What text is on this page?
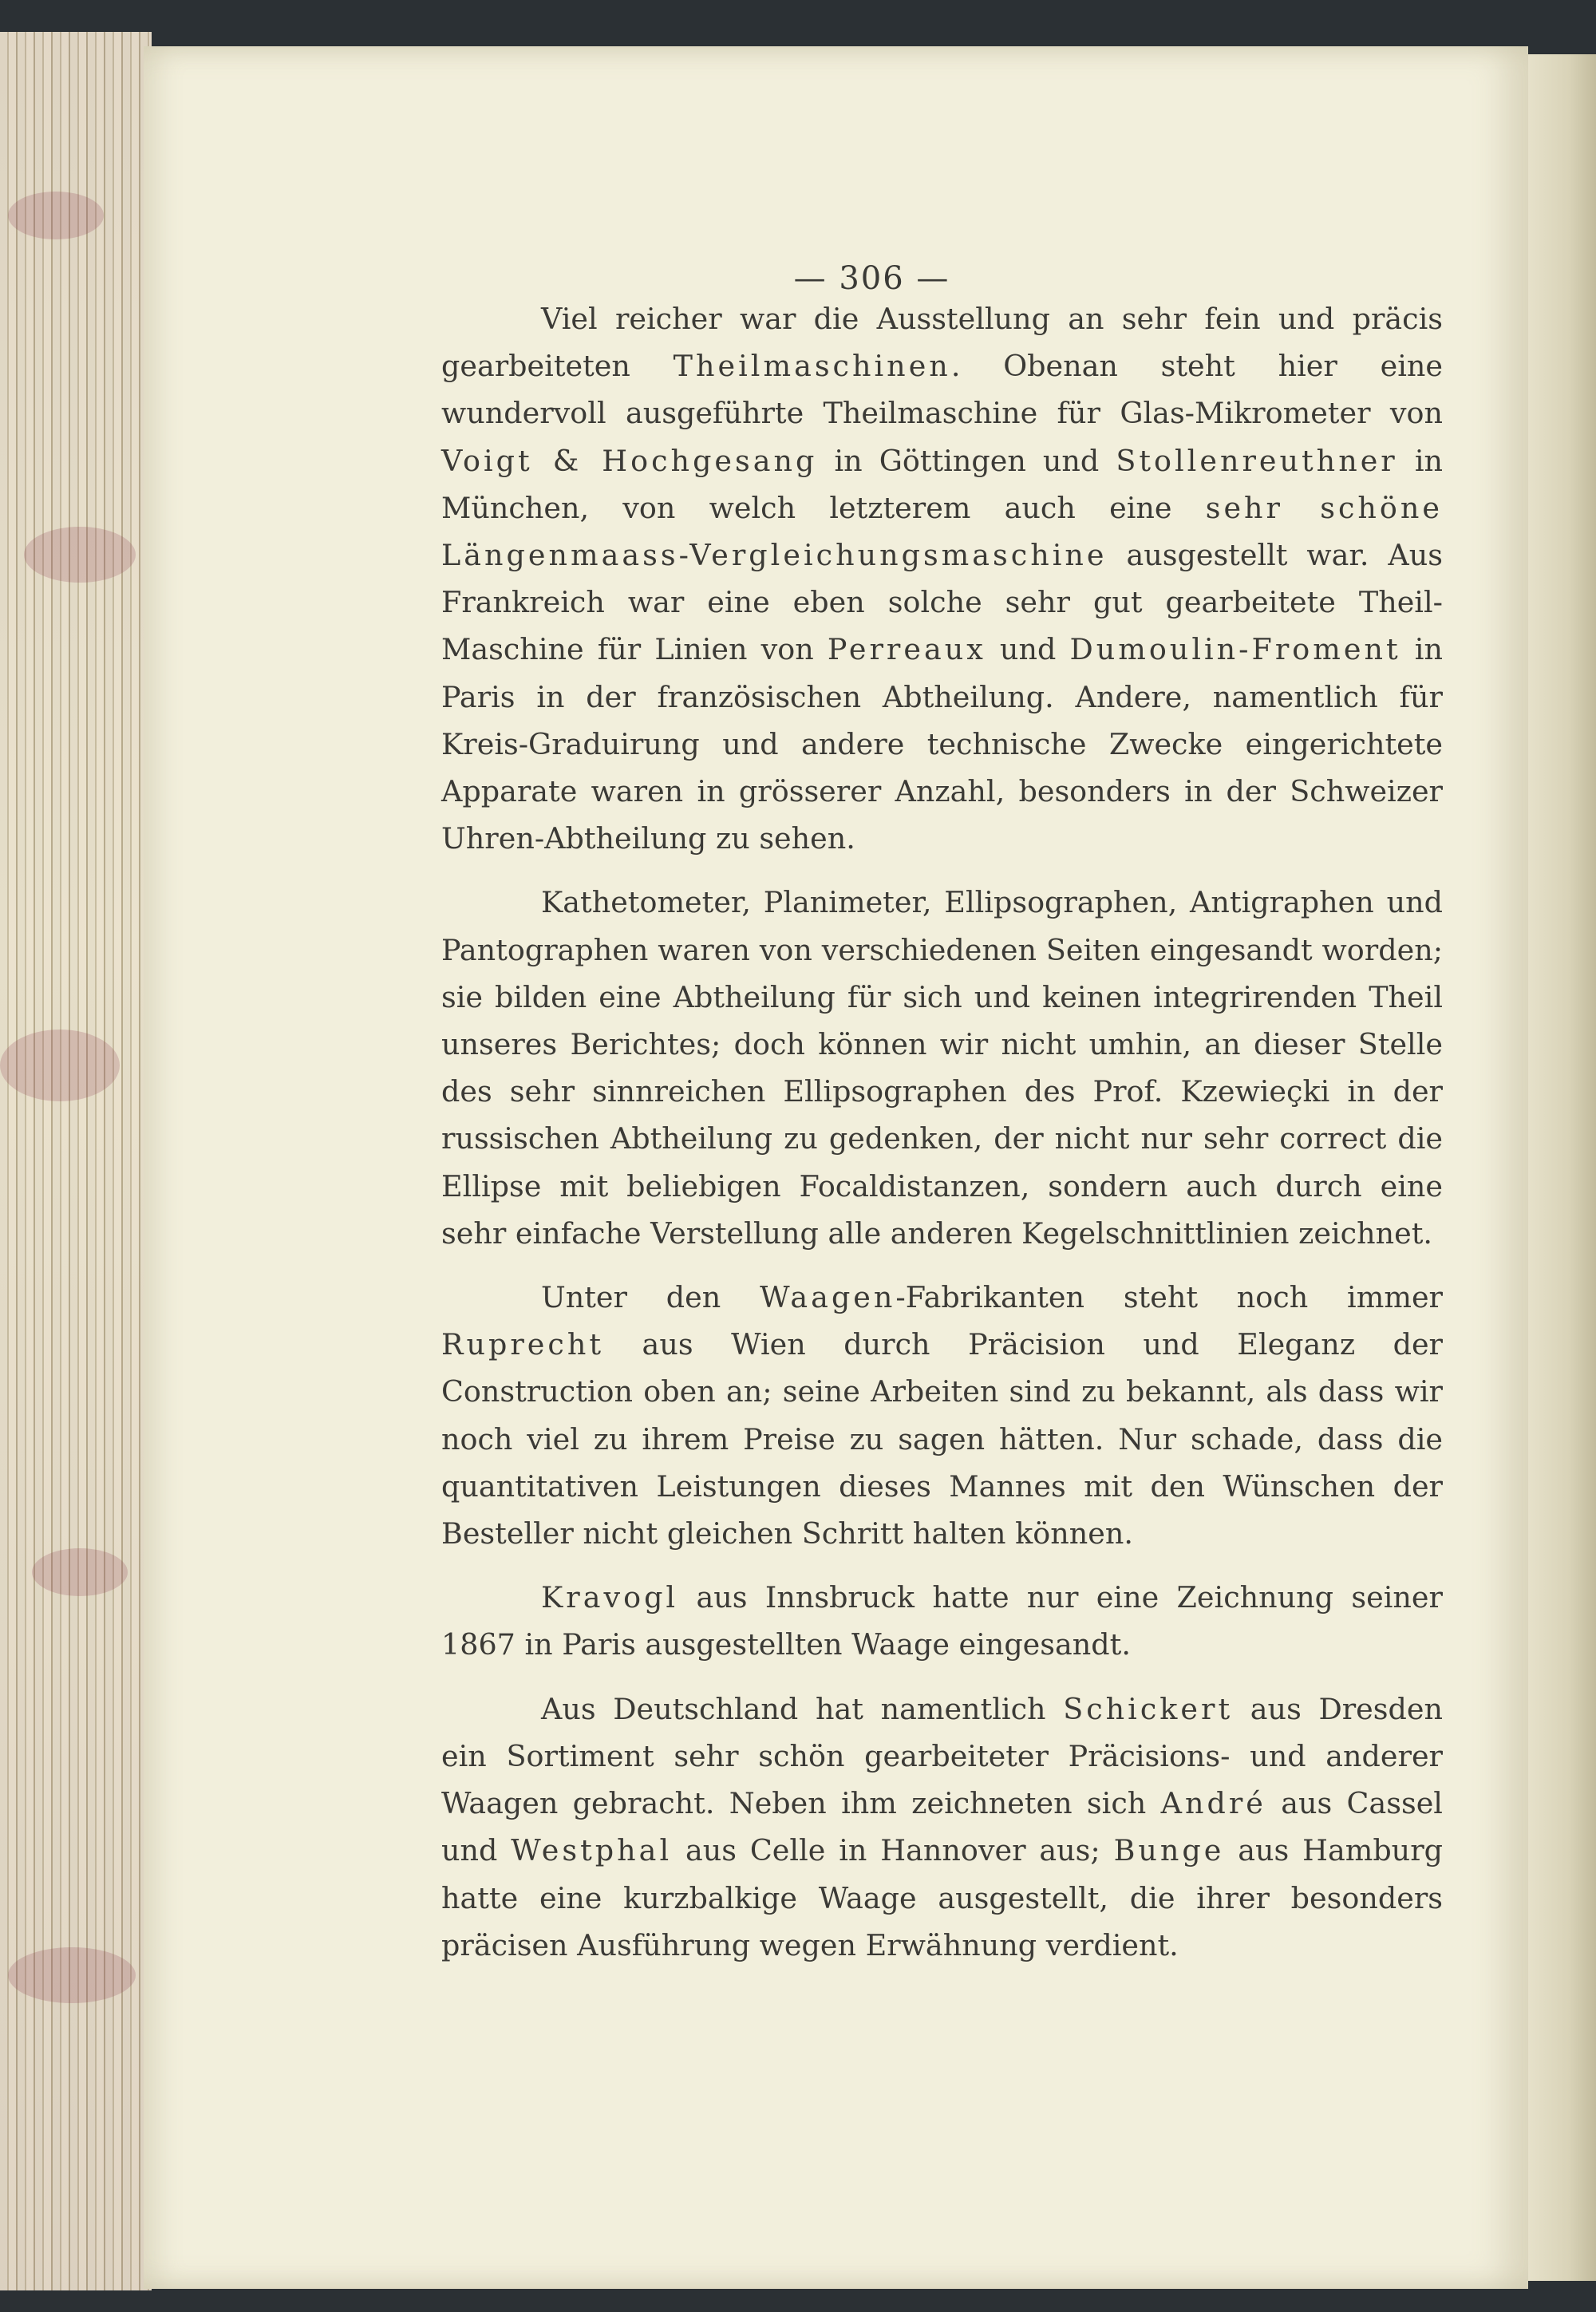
— 306 —

Viel reicher war die Ausstellung an sehr fein und präcis gearbeiteten Theilmaschinen. Obenan steht hier eine wundervoll ausgeführte Theilmaschine für Glas-Mikrometer von Voigt & Hochgesang in Göttingen und Stollenreuthner in München, von welch letzterem auch eine sehr schöne Längenmaass-Vergleichungsmaschine ausgestellt war. Aus Frankreich war eine eben solche sehr gut gearbeitete Theil-Maschine für Linien von Perreaux und Dumoulin-Froment in Paris in der französischen Abtheilung. Andere, namentlich für Kreis-Graduirung und andere technische Zwecke eingerichtete Apparate waren in grösserer Anzahl, besonders in der Schweizer Uhren-Abtheilung zu sehen.

Kathetometer, Planimeter, Ellipsographen, Antigraphen und Pantographen waren von verschiedenen Seiten eingesandt worden; sie bilden eine Abtheilung für sich und keinen integrirenden Theil unseres Berichtes; doch können wir nicht umhin, an dieser Stelle des sehr sinnreichen Ellipsographen des Prof. Kzewieçki in der russischen Abtheilung zu gedenken, der nicht nur sehr correct die Ellipse mit beliebigen Focaldistanzen, sondern auch durch eine sehr einfache Verstellung alle anderen Kegelschnittlinien zeichnet.

Unter den Waagen-Fabrikanten steht noch immer Ruprecht aus Wien durch Präcision und Eleganz der Construction oben an; seine Arbeiten sind zu bekannt, als dass wir noch viel zu ihrem Preise zu sagen hätten. Nur schade, dass die quantitativen Leistungen dieses Mannes mit den Wünschen der Besteller nicht gleichen Schritt halten können.

Kravogl aus Innsbruck hatte nur eine Zeichnung seiner 1867 in Paris ausgestellten Waage eingesandt.

Aus Deutschland hat namentlich Schickert aus Dresden ein Sortiment sehr schön gearbeiteter Präcisions- und anderer Waagen gebracht. Neben ihm zeichneten sich André aus Cassel und Westphal aus Celle in Hannover aus; Bunge aus Hamburg hatte eine kurzbalkige Waage ausgestellt, die ihrer besonders präcisen Ausführung wegen Erwähnung verdient.
